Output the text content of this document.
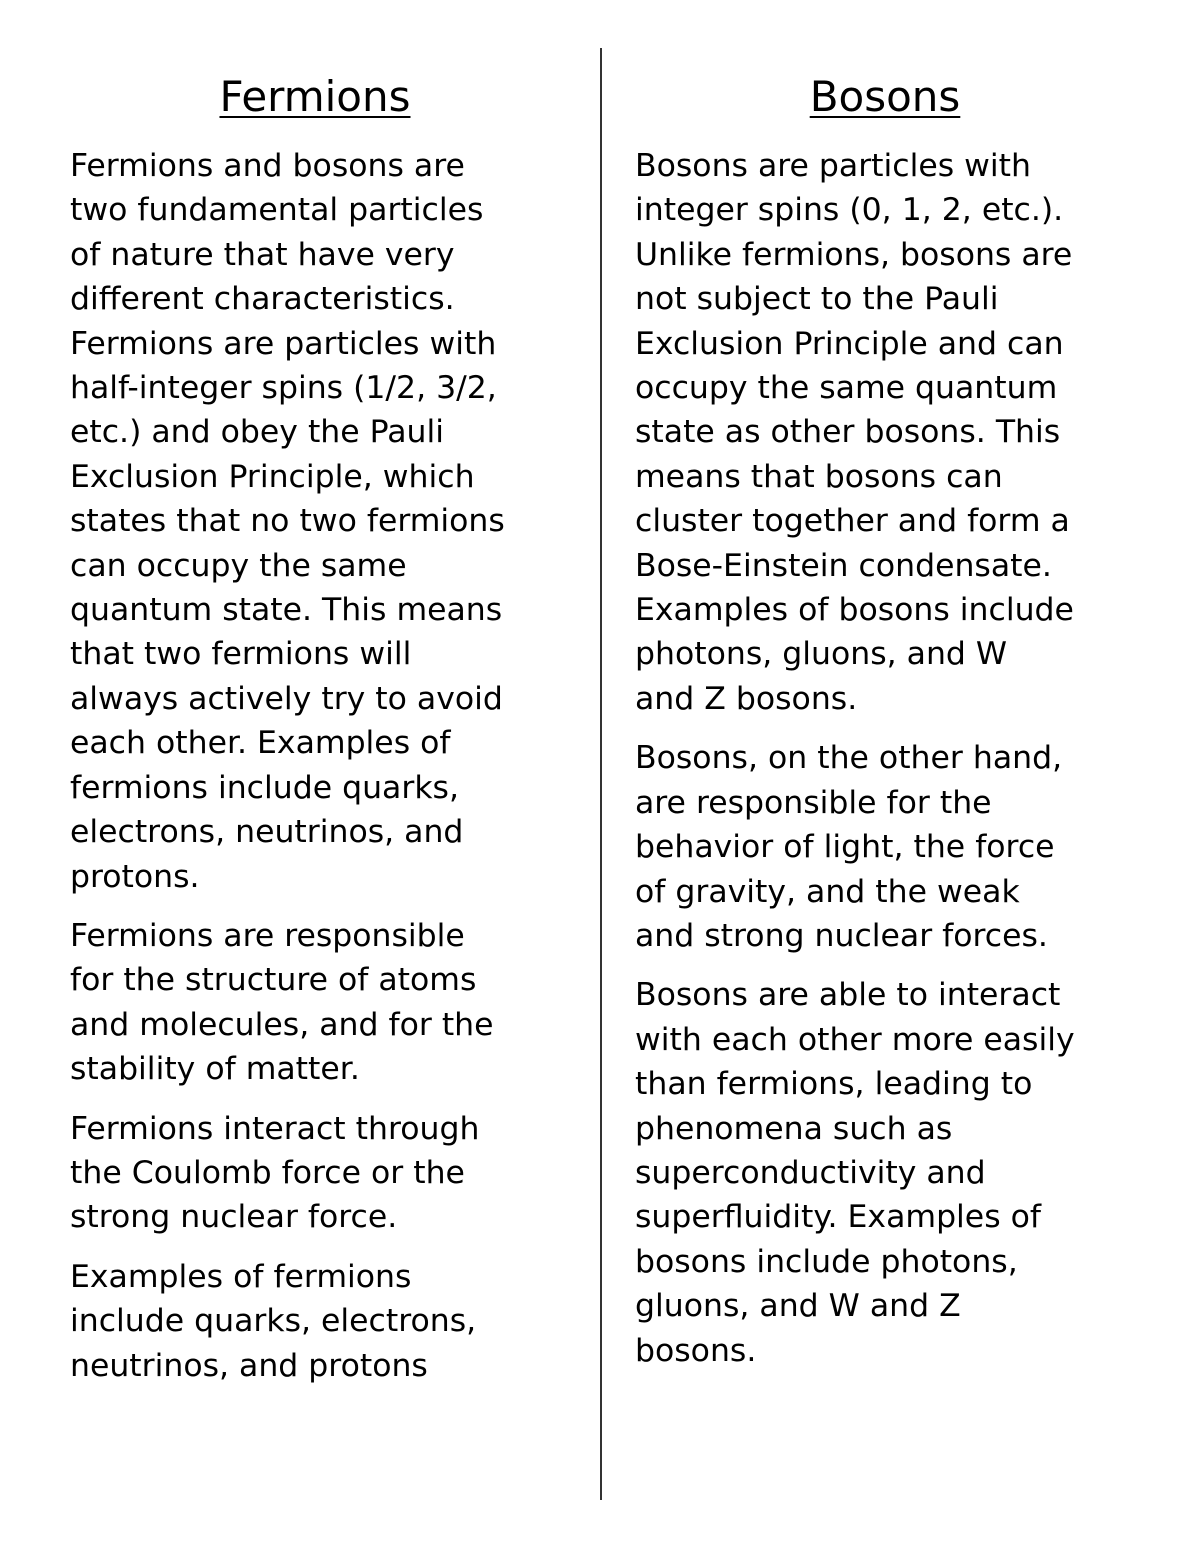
Fermions

Fermions and bosons are
two fundamental particles
of nature that have very
different characteristics.
Fermions are particles with
half-integer spins (1/2, 3/2,
etc.) and obey the Pauli
Exclusion Principle, which
states that no two fermions
can occupy the same
quantum state. This means
that two fermions will
always actively try to avoid
each other. Examples of
fermions include quarks,
electrons, neutrinos, and
protons.

Fermions are responsible
for the structure of atoms
and molecules, and for the
stability of matter.

Fermions interact through
the Coulomb force or the
strong nuclear force.

Examples of fermions
include quarks, electrons,
neutrinos, and protons

Bosons

Bosons are particles with
integer spins (0, 1, 2, etc.).
Unlike fermions, bosons are
not subject to the Pauli
Exclusion Principle and can
occupy the same quantum
state as other bosons. This
means that bosons can
cluster together and form a
Bose-Einstein condensate.
Examples of bosons include
photons, gluons, and W
and Z bosons.

Bosons, on the other hand,
are responsible for the
behavior of light, the force
of gravity, and the weak
and strong nuclear forces.

Bosons are able to interact
with each other more easily
than fermions, leading to
phenomena such as
superconductivity and
superfluidity. Examples of
bosons include photons,
gluons, and W and Z
bosons.
